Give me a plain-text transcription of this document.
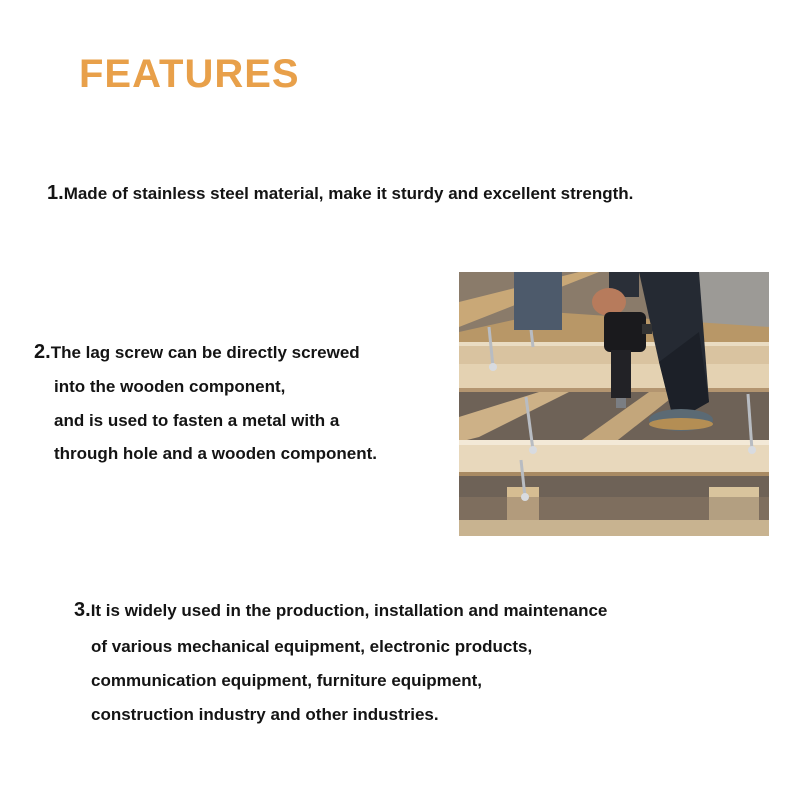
FEATURES
1.Made of stainless steel material, make it sturdy and excellent strength.
2.The lag screw can be directly screwed
into the wooden component,
and is used to fasten a metal with a
through hole and a wooden component.
3.It is widely used in the production, installation and maintenance
of various mechanical equipment, electronic products,
communication equipment, furniture equipment,
construction industry and other industries.
